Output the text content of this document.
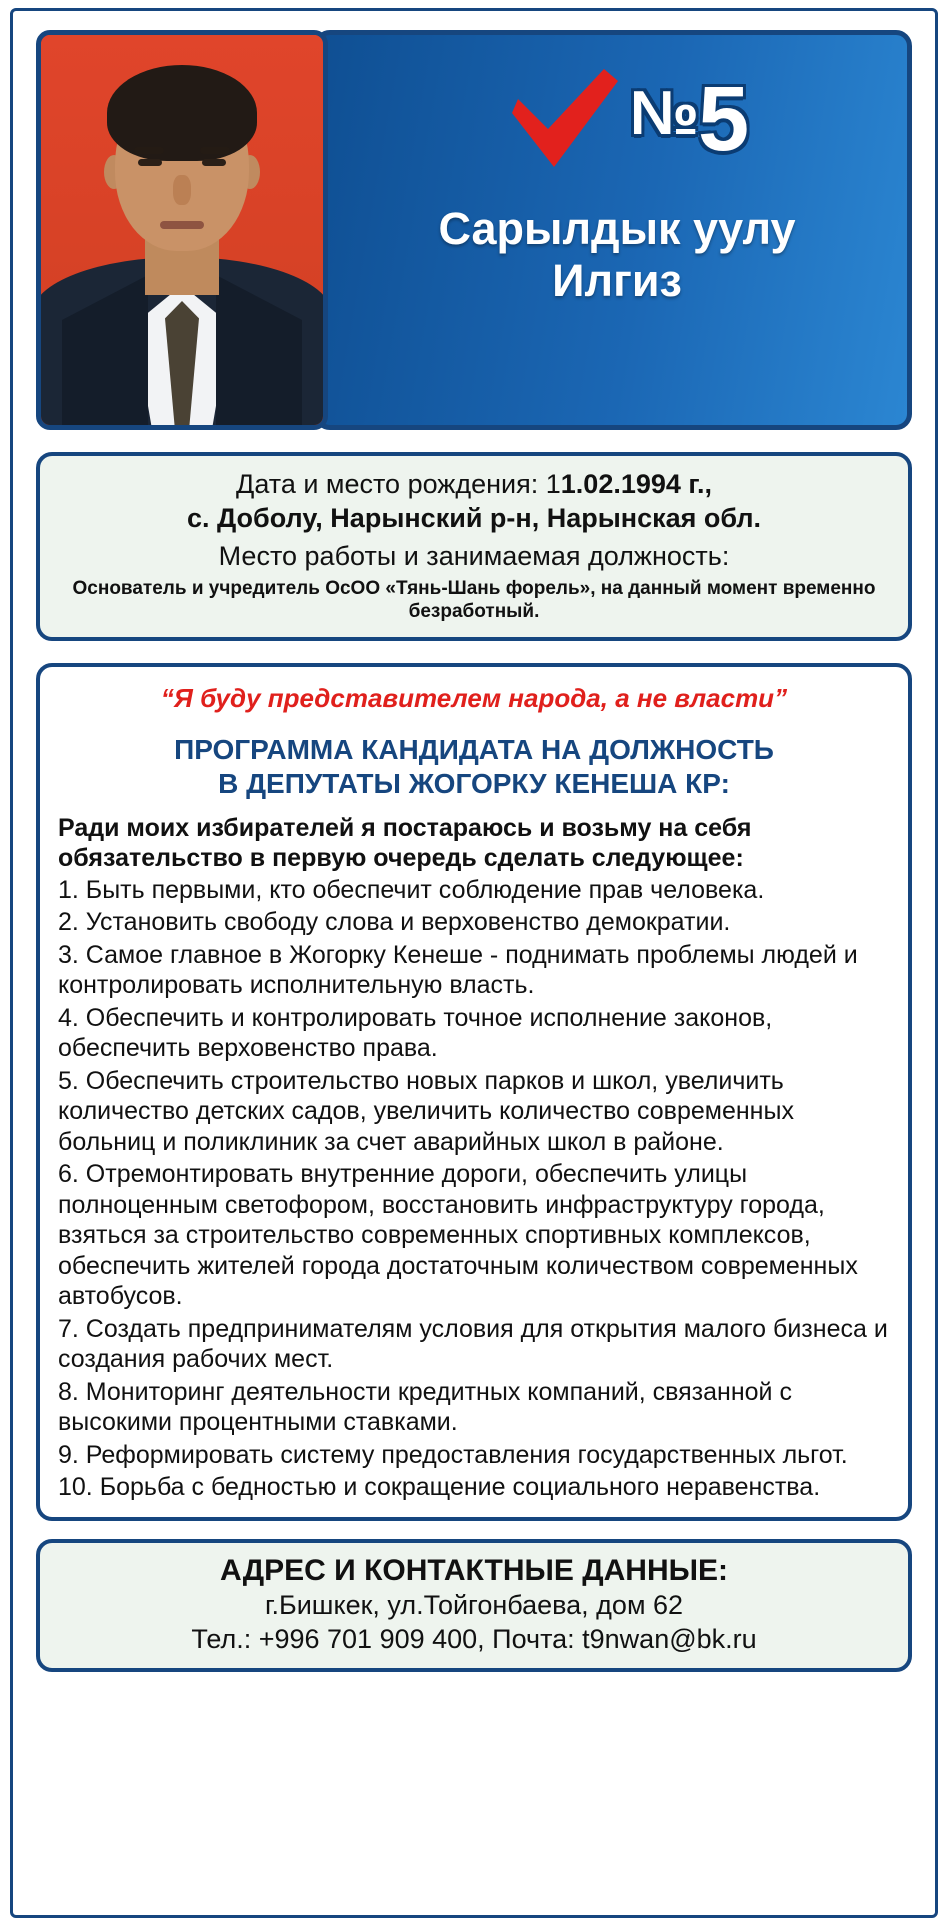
№5
Сарылдык уулу
Илгиз
Дата и место рождения: 11.02.1994 г.,
с. Доболу, Нарынский р-н, Нарынская обл.
Место работы и занимаемая должность:
Основатель и учредитель ОсОО «Тянь-Шань форель», на данный момент временно безработный.
“Я буду представителем народа, а не власти”
ПРОГРАММА КАНДИДАТА НА ДОЛЖНОСТЬ
В ДЕПУТАТЫ ЖОГОРКУ КЕНЕША КР:
Ради моих избирателей я постараюсь и возьму на себя обязательство в первую очередь сделать следующее:
1. Быть первыми, кто обеспечит соблюдение прав человека.
2. Установить свободу слова и верховенство демократии.
3. Самое главное в Жогорку Кенеше - поднимать проблемы людей и контролировать исполнительную власть.
4. Обеспечить и контролировать точное исполнение законов, обеспечить верховенство права.
5. Обеспечить строительство новых парков и школ, увеличить количество детских садов, увеличить количество современных больниц и поликлиник за счет аварийных школ в районе.
6. Отремонтировать внутренние дороги, обеспечить улицы полноценным светофором, восстановить инфраструктуру города, взяться за строительство современных спортивных комплексов, обеспечить жителей города достаточным количеством современных автобусов.
7. Создать предпринимателям условия для открытия малого бизнеса и создания рабочих мест.
8. Мониторинг деятельности кредитных компаний, связанной с высокими процентными ставками.
9. Реформировать систему предоставления государственных льгот.
10. Борьба с бедностью и сокращение социального неравенства.
АДРЕС И КОНТАКТНЫЕ ДАННЫЕ:
г.Бишкек, ул.Тойгонбаева, дом 62
Тел.: +996 701 909 400, Почта: t9nwan@bk.ru
